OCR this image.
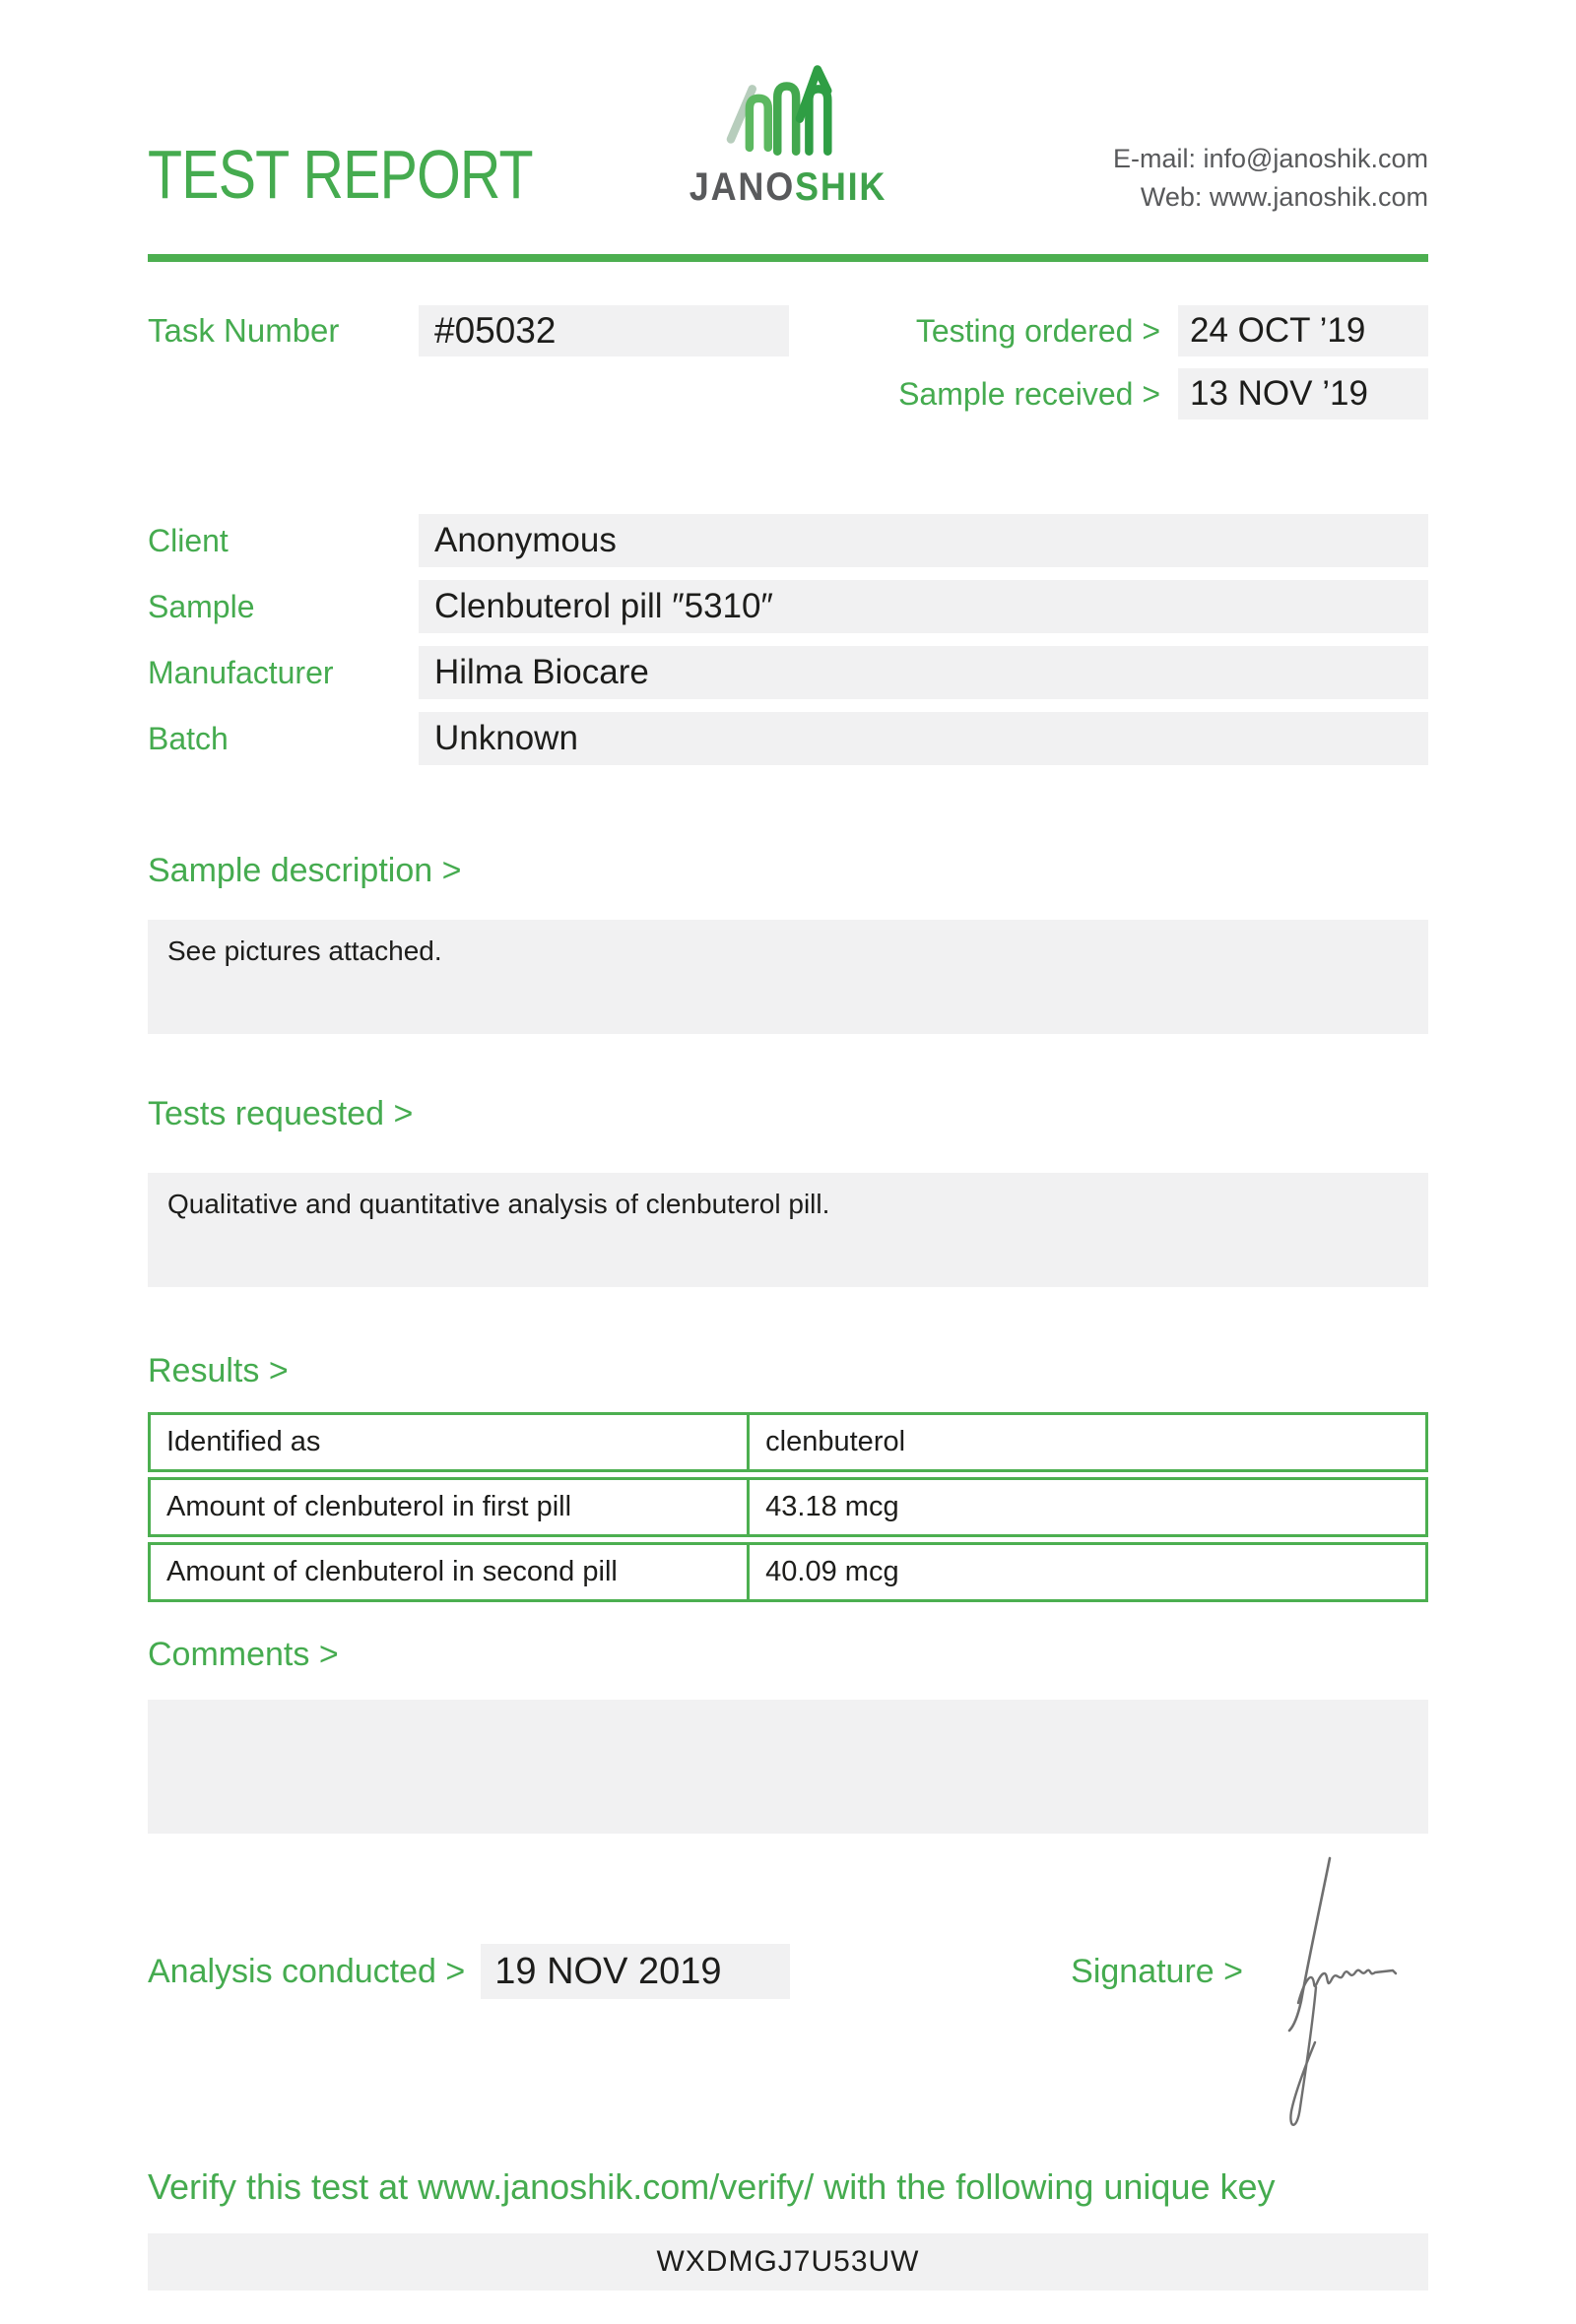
TEST REPORT	JANOSHIK
E-mail: info@janoshik.com
Web: www.janoshik.com
Task Number	#05032	Testing ordered > 24 OCT ’19
Sample received > 13 NOV ’19
Client	Anonymous
Sample	Clenbuterol pill ″5310″
Manufacturer	Hilma Biocare
Batch	Unknown
Sample description >
See pictures attached.
Tests requested >
Qualitative and quantitative analysis of clenbuterol pill.
Results >
Identified as	clenbuterol
Amount of clenbuterol in first pill	43.18 mcg
Amount of clenbuterol in second pill	40.09 mcg
Comments >
Analysis conducted > 19 NOV 2019	Signature >
Verify this test at www.janoshik.com/verify/ with the following unique key
WXDMGJ7U53UW
